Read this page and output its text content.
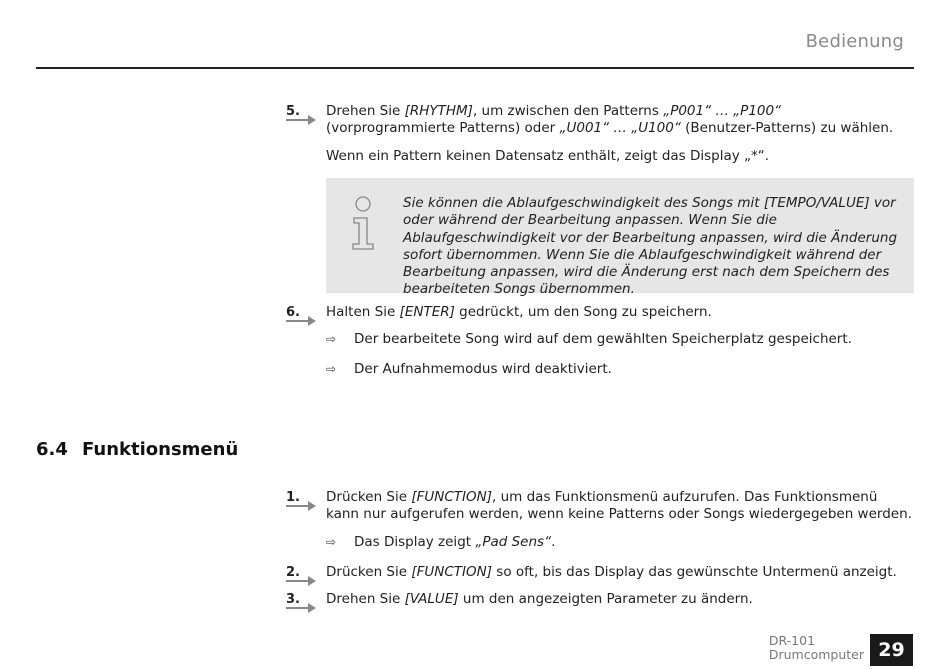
Bedienung
5. Drehen Sie [RHYTHM], um zwischen den Patterns „P001“ … „P100“ (vorprogrammierte Patterns) oder „U001“ … „U100“ (Benutzer-Patterns) zu wählen.
Wenn ein Pattern keinen Datensatz enthält, zeigt das Display „*“.
Sie können die Ablaufgeschwindigkeit des Songs mit [TEMPO/VALUE] vor oder während der Bearbeitung anpassen. Wenn Sie die Ablaufgeschwindigkeit vor der Bearbeitung anpassen, wird die Änderung sofort übernommen. Wenn Sie die Ablaufgeschwindigkeit während der Bearbeitung anpassen, wird die Änderung erst nach dem Speichern des bearbeiteten Songs übernommen.
6. Halten Sie [ENTER] gedrückt, um den Song zu speichern.
⇨	Der bearbeitete Song wird auf dem gewählten Speicherplatz gespeichert.
⇨	Der Aufnahmemodus wird deaktiviert.
1. Drücken Sie [FUNCTION], um das Funktionsmenü aufzurufen. Das Funktionsmenü kann nur aufgerufen werden, wenn keine Patterns oder Songs wiedergegeben werden.
⇨	Das Display zeigt „Pad Sens“.
2. Drücken Sie [FUNCTION] so oft, bis das Display das gewünschte Untermenü anzeigt.
3. Drehen Sie [VALUE] um den angezeigten Parameter zu ändern.
6.4 Funktionsmenü
DR-101
Drumcomputer 29
